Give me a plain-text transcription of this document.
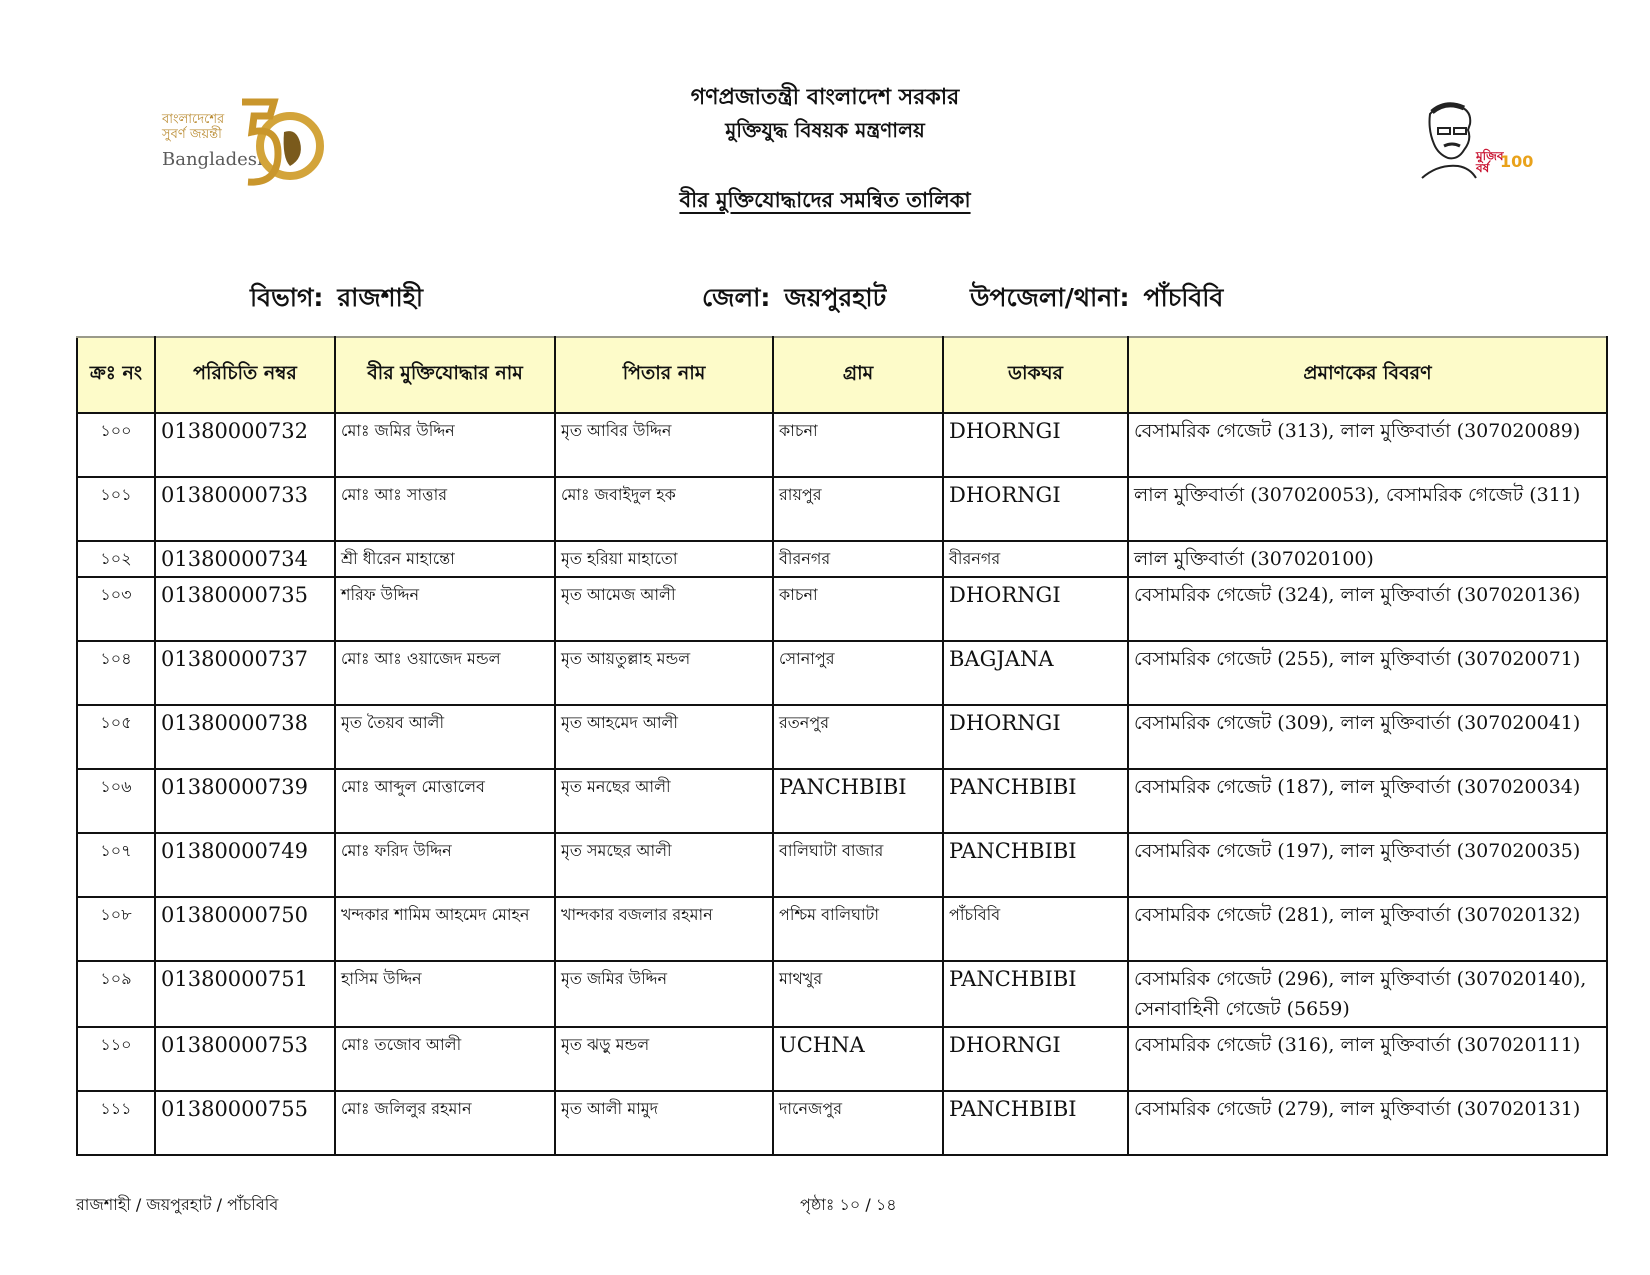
বাংলাদেশের সুবর্ণ জয়ন্তী
Bangladesh	মুজিব বর্ষ 100
গণপ্রজাতন্ত্রী বাংলাদেশ সরকার
মুক্তিযুদ্ধ বিষয়ক মন্ত্রণালয়
বীর মুক্তিযোদ্ধাদের সমন্বিত তালিকা
বিভাগ: রাজশাহী	জেলা: জয়পুরহাট	উপজেলা/থানা: পাঁচবিবি
ক্রঃ নং	পরিচিতি নম্বর	বীর মুক্তিযোদ্ধার নাম	পিতার নাম	গ্রাম	ডাকঘর	প্রমাণকের বিবরণ
১০০	01380000732	মোঃ জমির উদ্দিন	মৃত আবির উদ্দিন	কাচনা	DHORNGI	বেসামরিক গেজেট (313), লাল মুক্তিবার্তা (307020089)
১০১	01380000733	মোঃ আঃ সাত্তার	মোঃ জবাইদুল হক	রায়পুর	DHORNGI	লাল মুক্তিবার্তা (307020053), বেসামরিক গেজেট (311)
১০২	01380000734	শ্রী ধীরেন মাহান্তো	মৃত হরিয়া মাহাতো	বীরনগর	বীরনগর	লাল মুক্তিবার্তা (307020100)
১০৩	01380000735	শরিফ উদ্দিন	মৃত আমেজ আলী	কাচনা	DHORNGI	বেসামরিক গেজেট (324), লাল মুক্তিবার্তা (307020136)
১০৪	01380000737	মোঃ আঃ ওয়াজেদ মন্ডল	মৃত আয়তুল্লাহ মন্ডল	সোনাপুর	BAGJANA	বেসামরিক গেজেট (255), লাল মুক্তিবার্তা (307020071)
১০৫	01380000738	মৃত তৈয়ব আলী	মৃত আহমেদ আলী	রতনপুর	DHORNGI	বেসামরিক গেজেট (309), লাল মুক্তিবার্তা (307020041)
১০৬	01380000739	মোঃ আব্দুল মোত্তালেব	মৃত মনছের আলী	PANCHBIBI	PANCHBIBI	বেসামরিক গেজেট (187), লাল মুক্তিবার্তা (307020034)
১০৭	01380000749	মোঃ ফরিদ উদ্দিন	মৃত সমছের আলী	বালিঘাটা বাজার	PANCHBIBI	বেসামরিক গেজেট (197), লাল মুক্তিবার্তা (307020035)
১০৮	01380000750	খন্দকার শামিম আহমেদ মোহন	খান্দকার বজলার রহমান	পশ্চিম বালিঘাটা	পাঁচবিবি	বেসামরিক গেজেট (281), লাল মুক্তিবার্তা (307020132)
১০৯	01380000751	হাসিম উদ্দিন	মৃত জমির উদ্দিন	মাথখুর	PANCHBIBI	বেসামরিক গেজেট (296), লাল মুক্তিবার্তা (307020140), সেনাবাহিনী গেজেট (5659)
১১০	01380000753	মোঃ তজোব আলী	মৃত ঝড়ু মন্ডল	UCHNA	DHORNGI	বেসামরিক গেজেট (316), লাল মুক্তিবার্তা (307020111)
১১১	01380000755	মোঃ জলিলুর রহমান	মৃত আলী মামুদ	দানেজপুর	PANCHBIBI	বেসামরিক গেজেট (279), লাল মুক্তিবার্তা (307020131)
রাজশাহী / জয়পুরহাট / পাঁচবিবি	পৃষ্ঠাঃ ১০ / ১৪
